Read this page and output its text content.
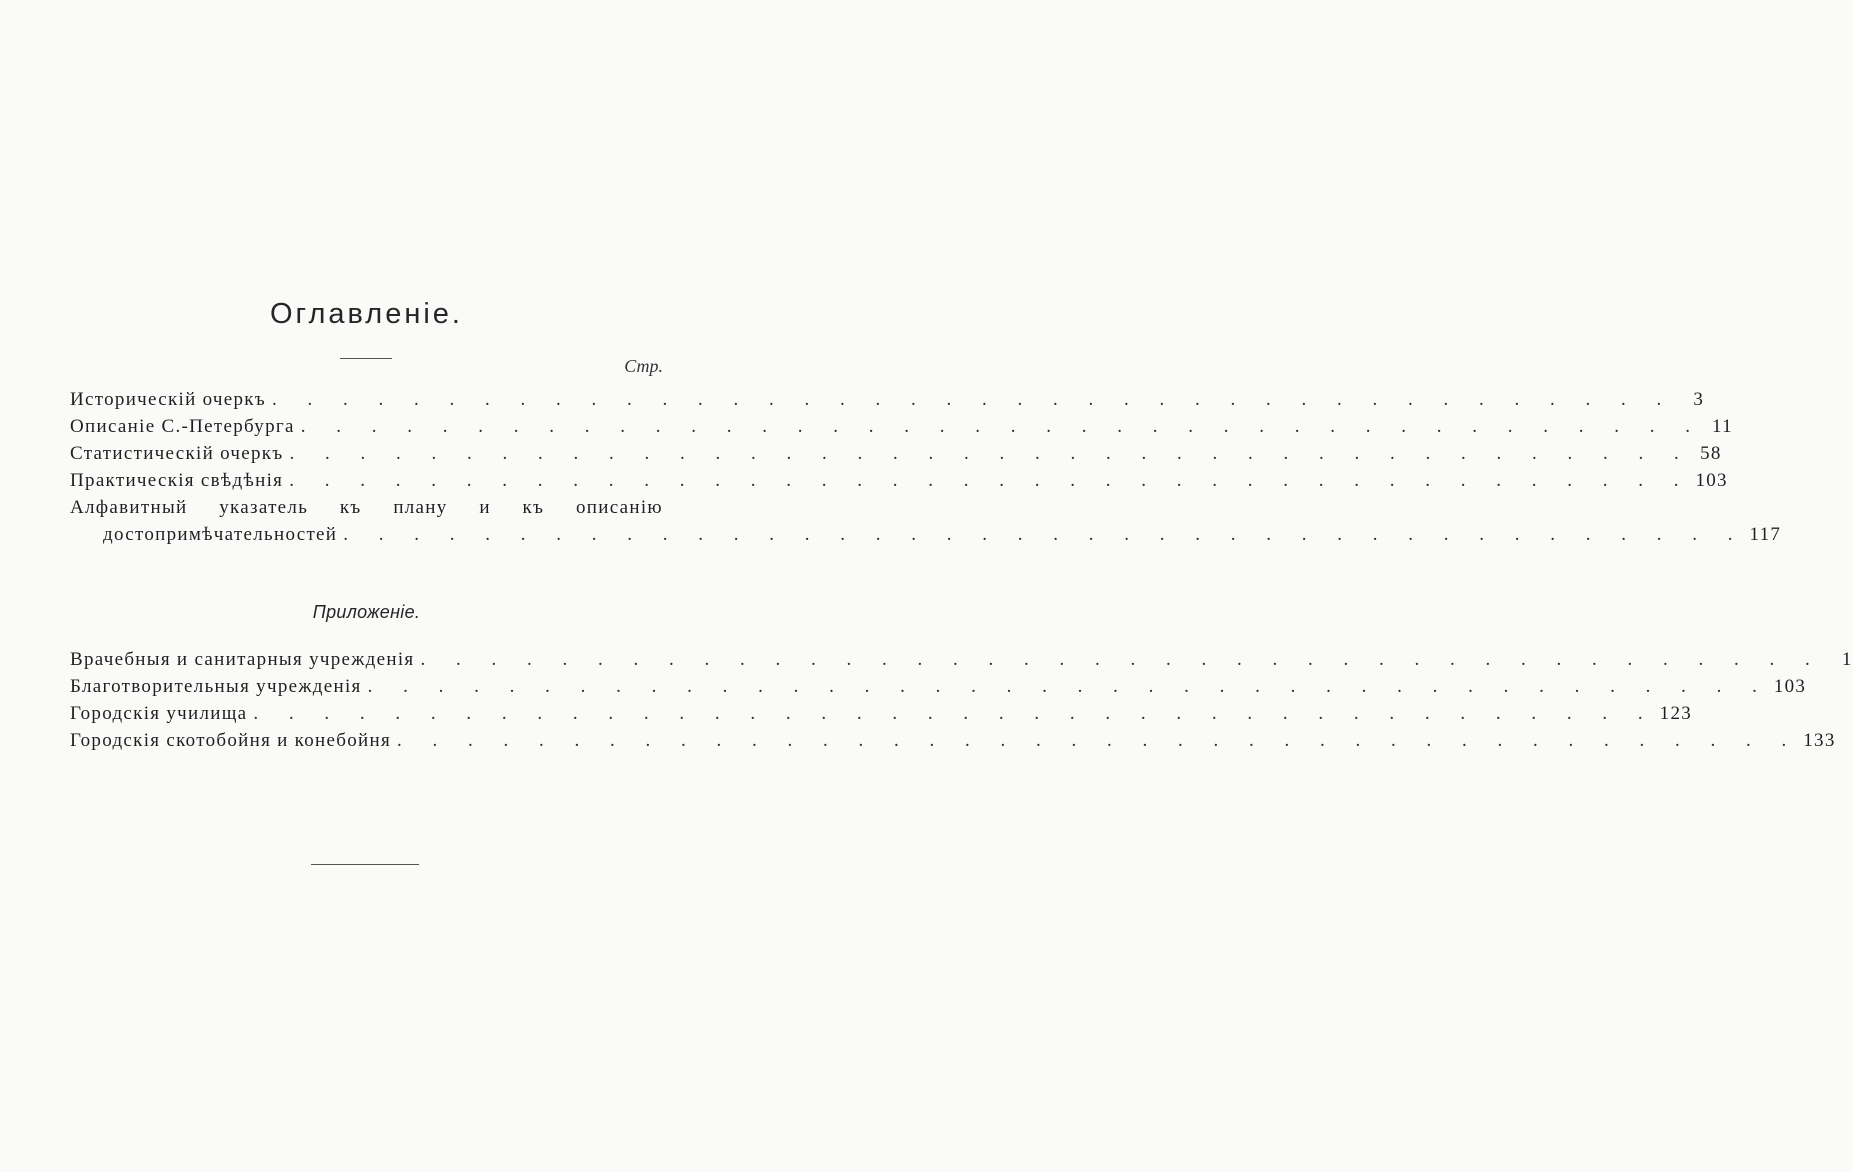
Оглавленіе.
Стр.
Историческій очеркъ . . . . . . . . . . . . . . . . . . . . . . . . . . . . . . . . . . . . . . . .	3
Описаніе С.-Петербурга . . . . . . . . . . . . . . . . . . . . . . . . . . . . . . . . . . . . . . . . 11
Статистическій очеркъ . . . . . . . . . . . . . . . . . . . . . . . . . . . . . . . . . . . . . . . . 58
Практическія свѣдѣнія . . . . . . . . . . . . . . . . . . . . . . . . . . . . . . . . . . . . . . . . 103
Алфавитный указатель къ плану и къ описанію
достопримѣчательностей . . . . . . . . . . . . . . . . . . . . . . . . . . . . . . . . . . . . . . . . 117
Приложеніе.
Врачебныя и санитарныя учрежденія . . . . . . . . . . . . . . . . . . . . . . . . . . . . . . . . . . . . . . . .	1
Благотворительныя учрежденія . . . . . . . . . . . . . . . . . . . . . . . . . . . . . . . . . . . . . . . . 103
Городскія училища . . . . . . . . . . . . . . . . . . . . . . . . . . . . . . . . . . . . . . . . 123
Городскія скотобойня и конебойня . . . . . . . . . . . . . . . . . . . . . . . . . . . . . . . . . . . . . . . . 133
